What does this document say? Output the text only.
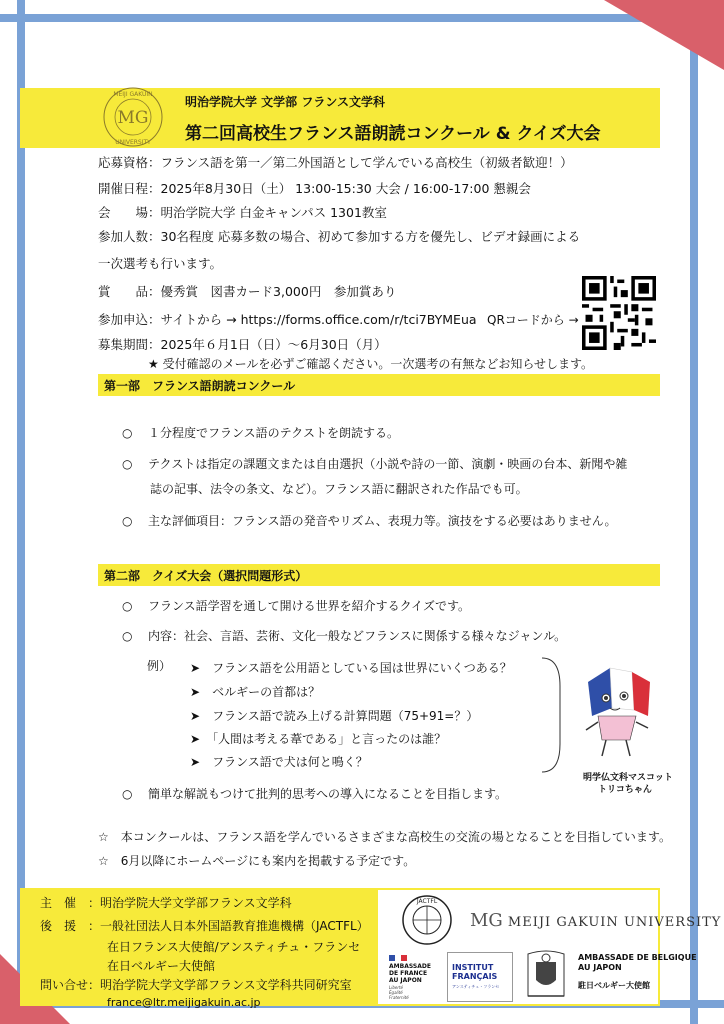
MG
MEIJI GAKUIN
UNIVERSITY
明治学院大学 文学部 フランス文学科
第二回高校生フランス語朗読コンクール & クイズ大会
応募資格：フランス語を第一／第二外国語として学んでいる高校生（初級者歓迎！）
開催日程：2025年8月30日（土） 13:00-15:30 大会 / 16:00-17:00 懇親会
会　　場：明治学院大学 白金キャンパス 1301教室
参加人数：30名程度 応募多数の場合、初めて参加する方を優先し、ビデオ録画による
一次選考も行います。
賞　　品：優秀賞　図書カード3,000円　参加賞あり
参加申込：サイトから → https://forms.office.com/r/tci7BYMEua QRコードから →
募集期間：2025年６月1日（日）～6月30日（月）
★ 受付確認のメールを必ずご確認ください。一次選考の有無などお知らせします。
第一部　フランス語朗読コンクール
○　 １分程度でフランス語のテクストを朗読する。
○　 テクストは指定の課題文または自由選択（小説や詩の一節、演劇・映画の台本、新聞や雑
誌の記事、法令の条文、など）。フランス語に翻訳された作品でも可。
○　 主な評価項目：フランス語の発音やリズム、表現力等。演技をする必要はありません。
第二部　クイズ大会（選択問題形式）
○　 フランス語学習を通して開ける世界を紹介するクイズです。
○　 内容：社会、言語、芸術、文化一般などフランスに関係する様々なジャンル。
例） ➤　フランス語を公用語としている国は世界にいくつある？
➤　ベルギーの首都は？
➤　フランス語で読み上げる計算問題（75+91=？）
➤　「人間は考える葦である」と言ったのは誰？
➤　フランス語で犬は何と鳴く？
明学仏文科マスコット
トリコちゃん
○　 簡単な解説もつけて批判的思考への導入になることを目指します。
☆　本コンクールは、フランス語を学んでいるさまざまな高校生の交流の場となることを目指しています。
☆　6月以降にホームページにも案内を掲載する予定です。
主　催　：明治学院大学文学部フランス文学科
後　援　：一般社団法人日本外国語教育推進機構（JACTFL）
在日フランス大使館/アンスティチュ・フランセ
在日ベルギー大使館
問い合せ：明治学院大学文学部フランス文学科共同研究室
france@ltr.meijigakuin.ac.jp
JACTFL
MG MEIJI GAKUIN UNIVERSITY
AMBASSADE
DE FRANCE
AU JAPON
Liberté
Égalité
Fraternité
INSTITUT
FRANÇAIS
アンスティチュ・フランセ
AMBASSADE DE BELGIQUE
AU JAPON
駐日ベルギー大使館
